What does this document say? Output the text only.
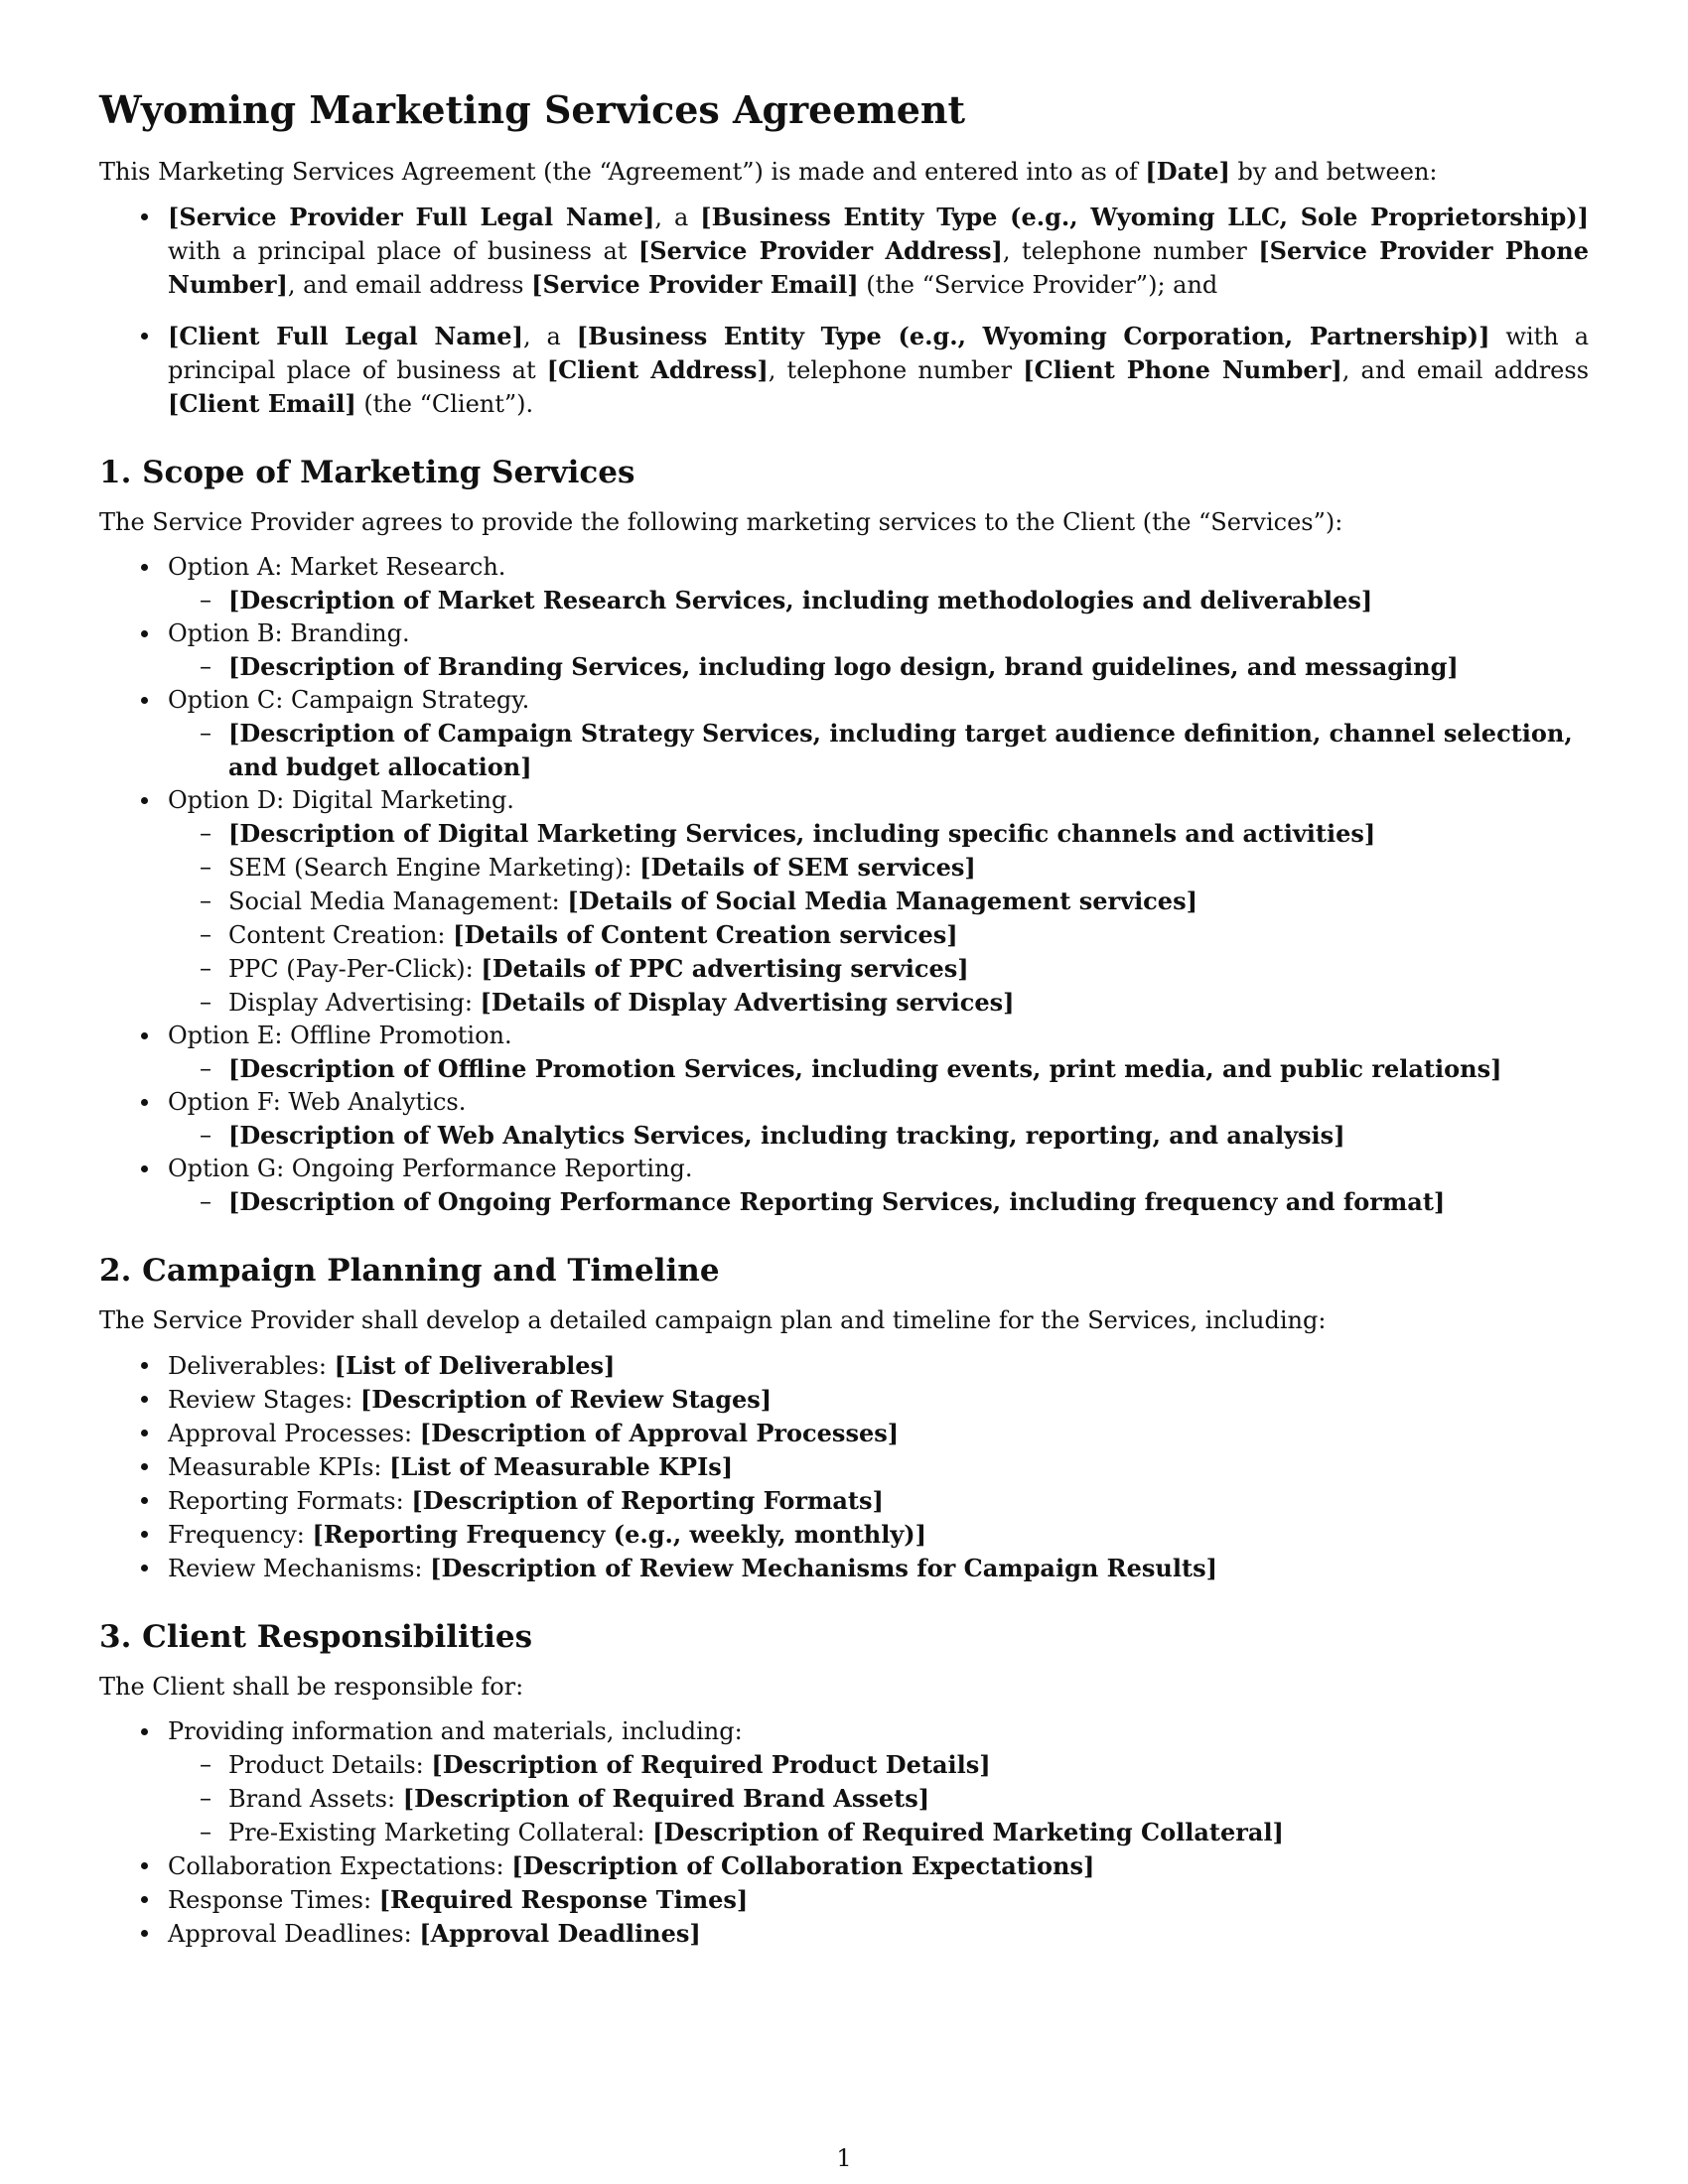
Wyoming Marketing Services Agreement

This Marketing Services Agreement (the “Agreement”) is made and entered into as of [Date] by and between:

[Service Provider Full Legal Name], a [Business Entity Type (e.g., Wyoming LLC, Sole Proprietorship)] with a principal place of business at [Service Provider Address], telephone number [Service Provider Phone Number], and email address [Service Provider Email] (the “Service Provider”); and
[Client Full Legal Name], a [Business Entity Type (e.g., Wyoming Corporation, Partnership)] with a principal place of business at [Client Address], telephone number [Client Phone Number], and email address [Client Email] (the “Client”).
1. Scope of Marketing Services

The Service Provider agrees to provide the following marketing services to the Client (the “Services”):

Option A: Market Research.
– [Description of Market Research Services, including methodologies and deliverables]
Option B: Branding.
– [Description of Branding Services, including logo design, brand guidelines, and messaging]
Option C: Campaign Strategy.
– [Description of Campaign Strategy Services, including target audience definition, channel selection, and budget allocation]
Option D: Digital Marketing.
– [Description of Digital Marketing Services, including specific channels and activities]
– SEM (Search Engine Marketing): [Details of SEM services]
– Social Media Management: [Details of Social Media Management services]
– Content Creation: [Details of Content Creation services]
– PPC (Pay-Per-Click): [Details of PPC advertising services]
– Display Advertising: [Details of Display Advertising services]
Option E: Offline Promotion.
– [Description of Offline Promotion Services, including events, print media, and public relations]
Option F: Web Analytics.
– [Description of Web Analytics Services, including tracking, reporting, and analysis]
Option G: Ongoing Performance Reporting.
– [Description of Ongoing Performance Reporting Services, including frequency and format]
2. Campaign Planning and Timeline

The Service Provider shall develop a detailed campaign plan and timeline for the Services, including:

Deliverables: [List of Deliverables]
Review Stages: [Description of Review Stages]
Approval Processes: [Description of Approval Processes]
Measurable KPIs: [List of Measurable KPIs]
Reporting Formats: [Description of Reporting Formats]
Frequency: [Reporting Frequency (e.g., weekly, monthly)]
Review Mechanisms: [Description of Review Mechanisms for Campaign Results]
3. Client Responsibilities

The Client shall be responsible for:

Providing information and materials, including:
– Product Details: [Description of Required Product Details]
– Brand Assets: [Description of Required Brand Assets]
– Pre-Existing Marketing Collateral: [Description of Required Marketing Collateral]
Collaboration Expectations: [Description of Collaboration Expectations]
Response Times: [Required Response Times]
Approval Deadlines: [Approval Deadlines]
1
